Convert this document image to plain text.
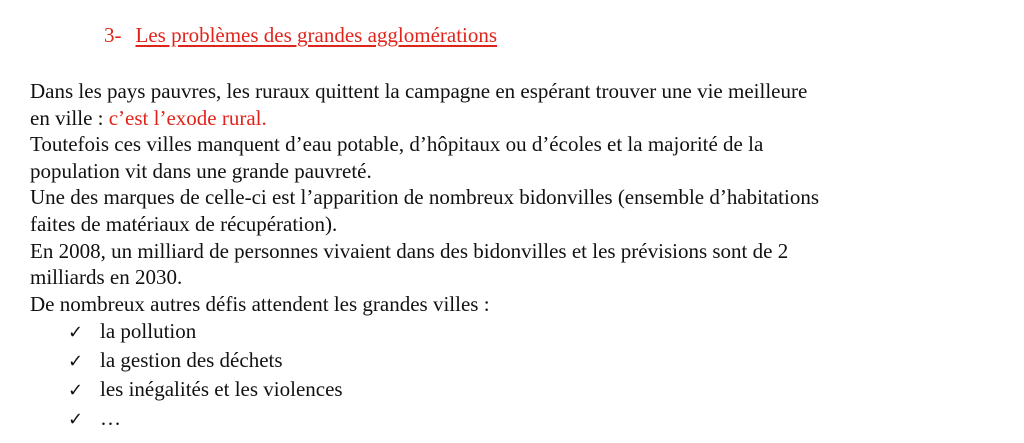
3- Les problèmes des grandes agglomérations
Dans les pays pauvres, les ruraux quittent la campagne en espérant trouver une vie meilleure
en ville : c’est l’exode rural.
Toutefois ces villes manquent d’eau potable, d’hôpitaux ou d’écoles et la majorité de la
population vit dans une grande pauvreté.
Une des marques de celle-ci est l’apparition de nombreux bidonvilles (ensemble d’habitations
faites de matériaux de récupération).
En 2008, un milliard de personnes vivaient dans des bidonvilles et les prévisions sont de 2
milliards en 2030.
De nombreux autres défis attendent les grandes villes :
✓ la pollution
✓ la gestion des déchets
✓ les inégalités et les violences
✓ …
